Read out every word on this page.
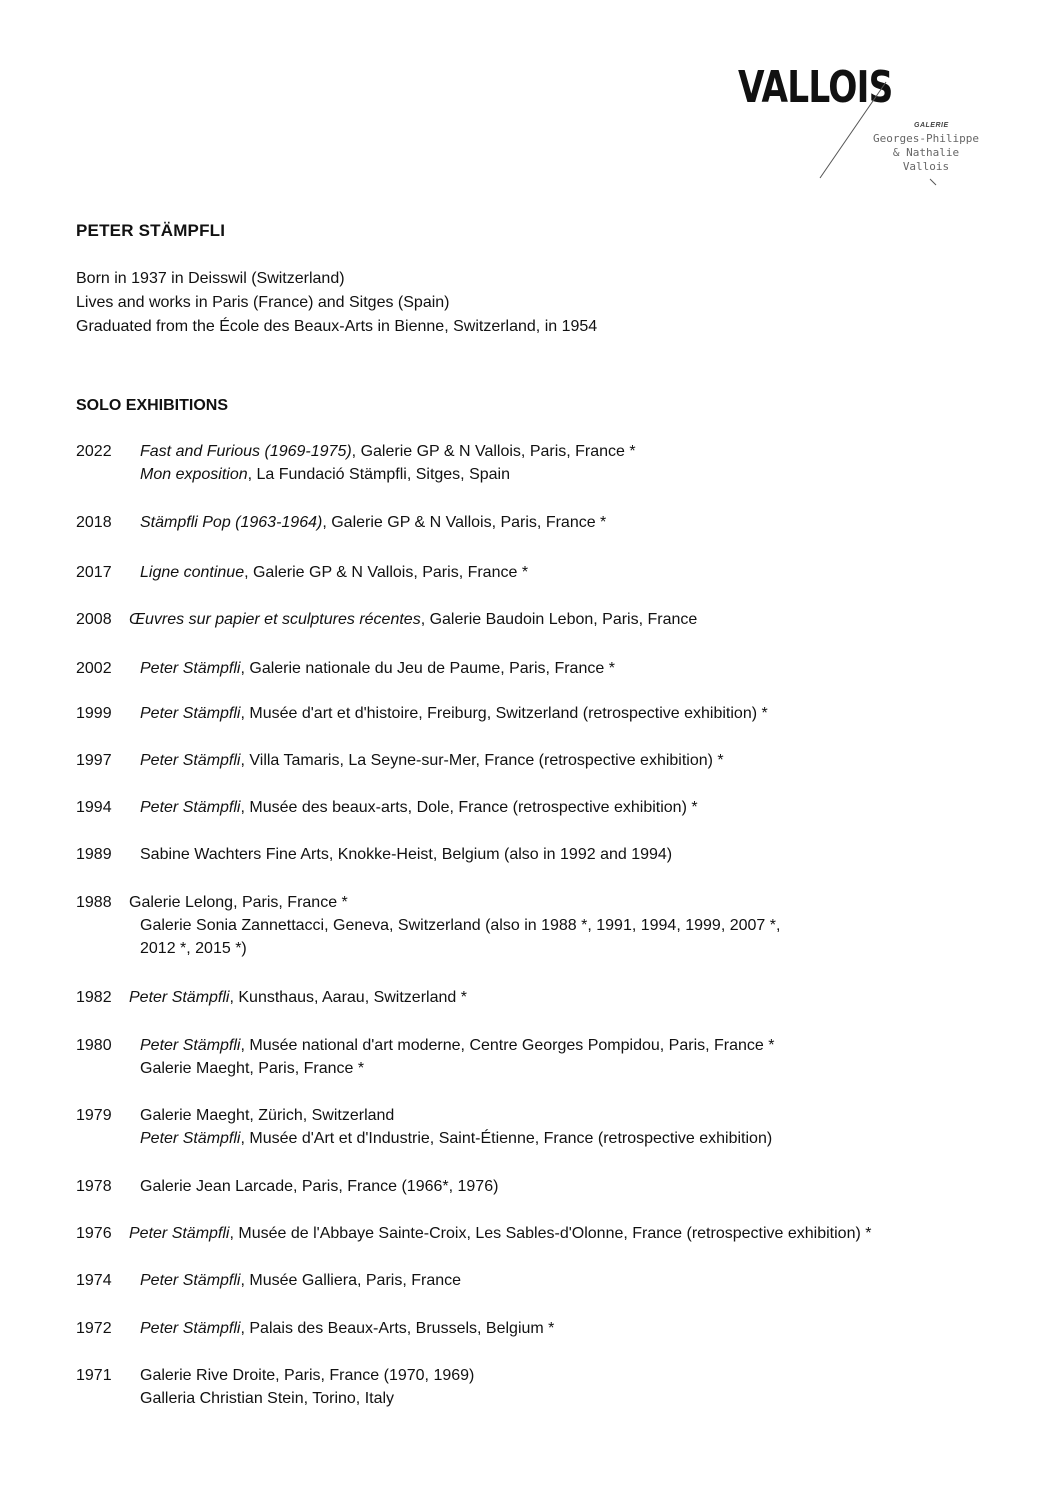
VALLOIS
GALERIE
Georges-Philippe
& Nathalie
Vallois
PETER STÄMPFLI
Born in 1937 in Deisswil (Switzerland)
Lives and works in Paris (France) and Sitges (Spain)
Graduated from the École des Beaux-Arts in Bienne, Switzerland, in 1954
SOLO EXHIBITIONS
2022 Fast and Furious (1969-1975), Galerie GP & N Vallois, Paris, France *
Mon exposition, La Fundació Stämpfli, Sitges, Spain
2018 Stämpfli Pop (1963-1964), Galerie GP & N Vallois, Paris, France *
2017 Ligne continue, Galerie GP & N Vallois, Paris, France *
2008 Œuvres sur papier et sculptures récentes, Galerie Baudoin Lebon, Paris, France
2002 Peter Stämpfli, Galerie nationale du Jeu de Paume, Paris, France *
1999 Peter Stämpfli, Musée d'art et d'histoire, Freiburg, Switzerland (retrospective exhibition) *
1997 Peter Stämpfli, Villa Tamaris, La Seyne-sur-Mer, France (retrospective exhibition) *
1994 Peter Stämpfli, Musée des beaux-arts, Dole, France (retrospective exhibition) *
1989 Sabine Wachters Fine Arts, Knokke-Heist, Belgium (also in 1992 and 1994)
1988 Galerie Lelong, Paris, France *
Galerie Sonia Zannettacci, Geneva, Switzerland (also in 1988 *, 1991, 1994, 1999, 2007 *,
2012 *, 2015 *)
1982 Peter Stämpfli, Kunsthaus, Aarau, Switzerland *
1980 Peter Stämpfli, Musée national d'art moderne, Centre Georges Pompidou, Paris, France *
Galerie Maeght, Paris, France *
1979 Galerie Maeght, Zürich, Switzerland
Peter Stämpfli, Musée d'Art et d'Industrie, Saint-Étienne, France (retrospective exhibition)
1978 Galerie Jean Larcade, Paris, France (1966*, 1976)
1976 Peter Stämpfli, Musée de l'Abbaye Sainte-Croix, Les Sables-d'Olonne, France (retrospective exhibition) *
1974 Peter Stämpfli, Musée Galliera, Paris, France
1972 Peter Stämpfli, Palais des Beaux-Arts, Brussels, Belgium *
1971 Galerie Rive Droite, Paris, France (1970, 1969)
Galleria Christian Stein, Torino, Italy
